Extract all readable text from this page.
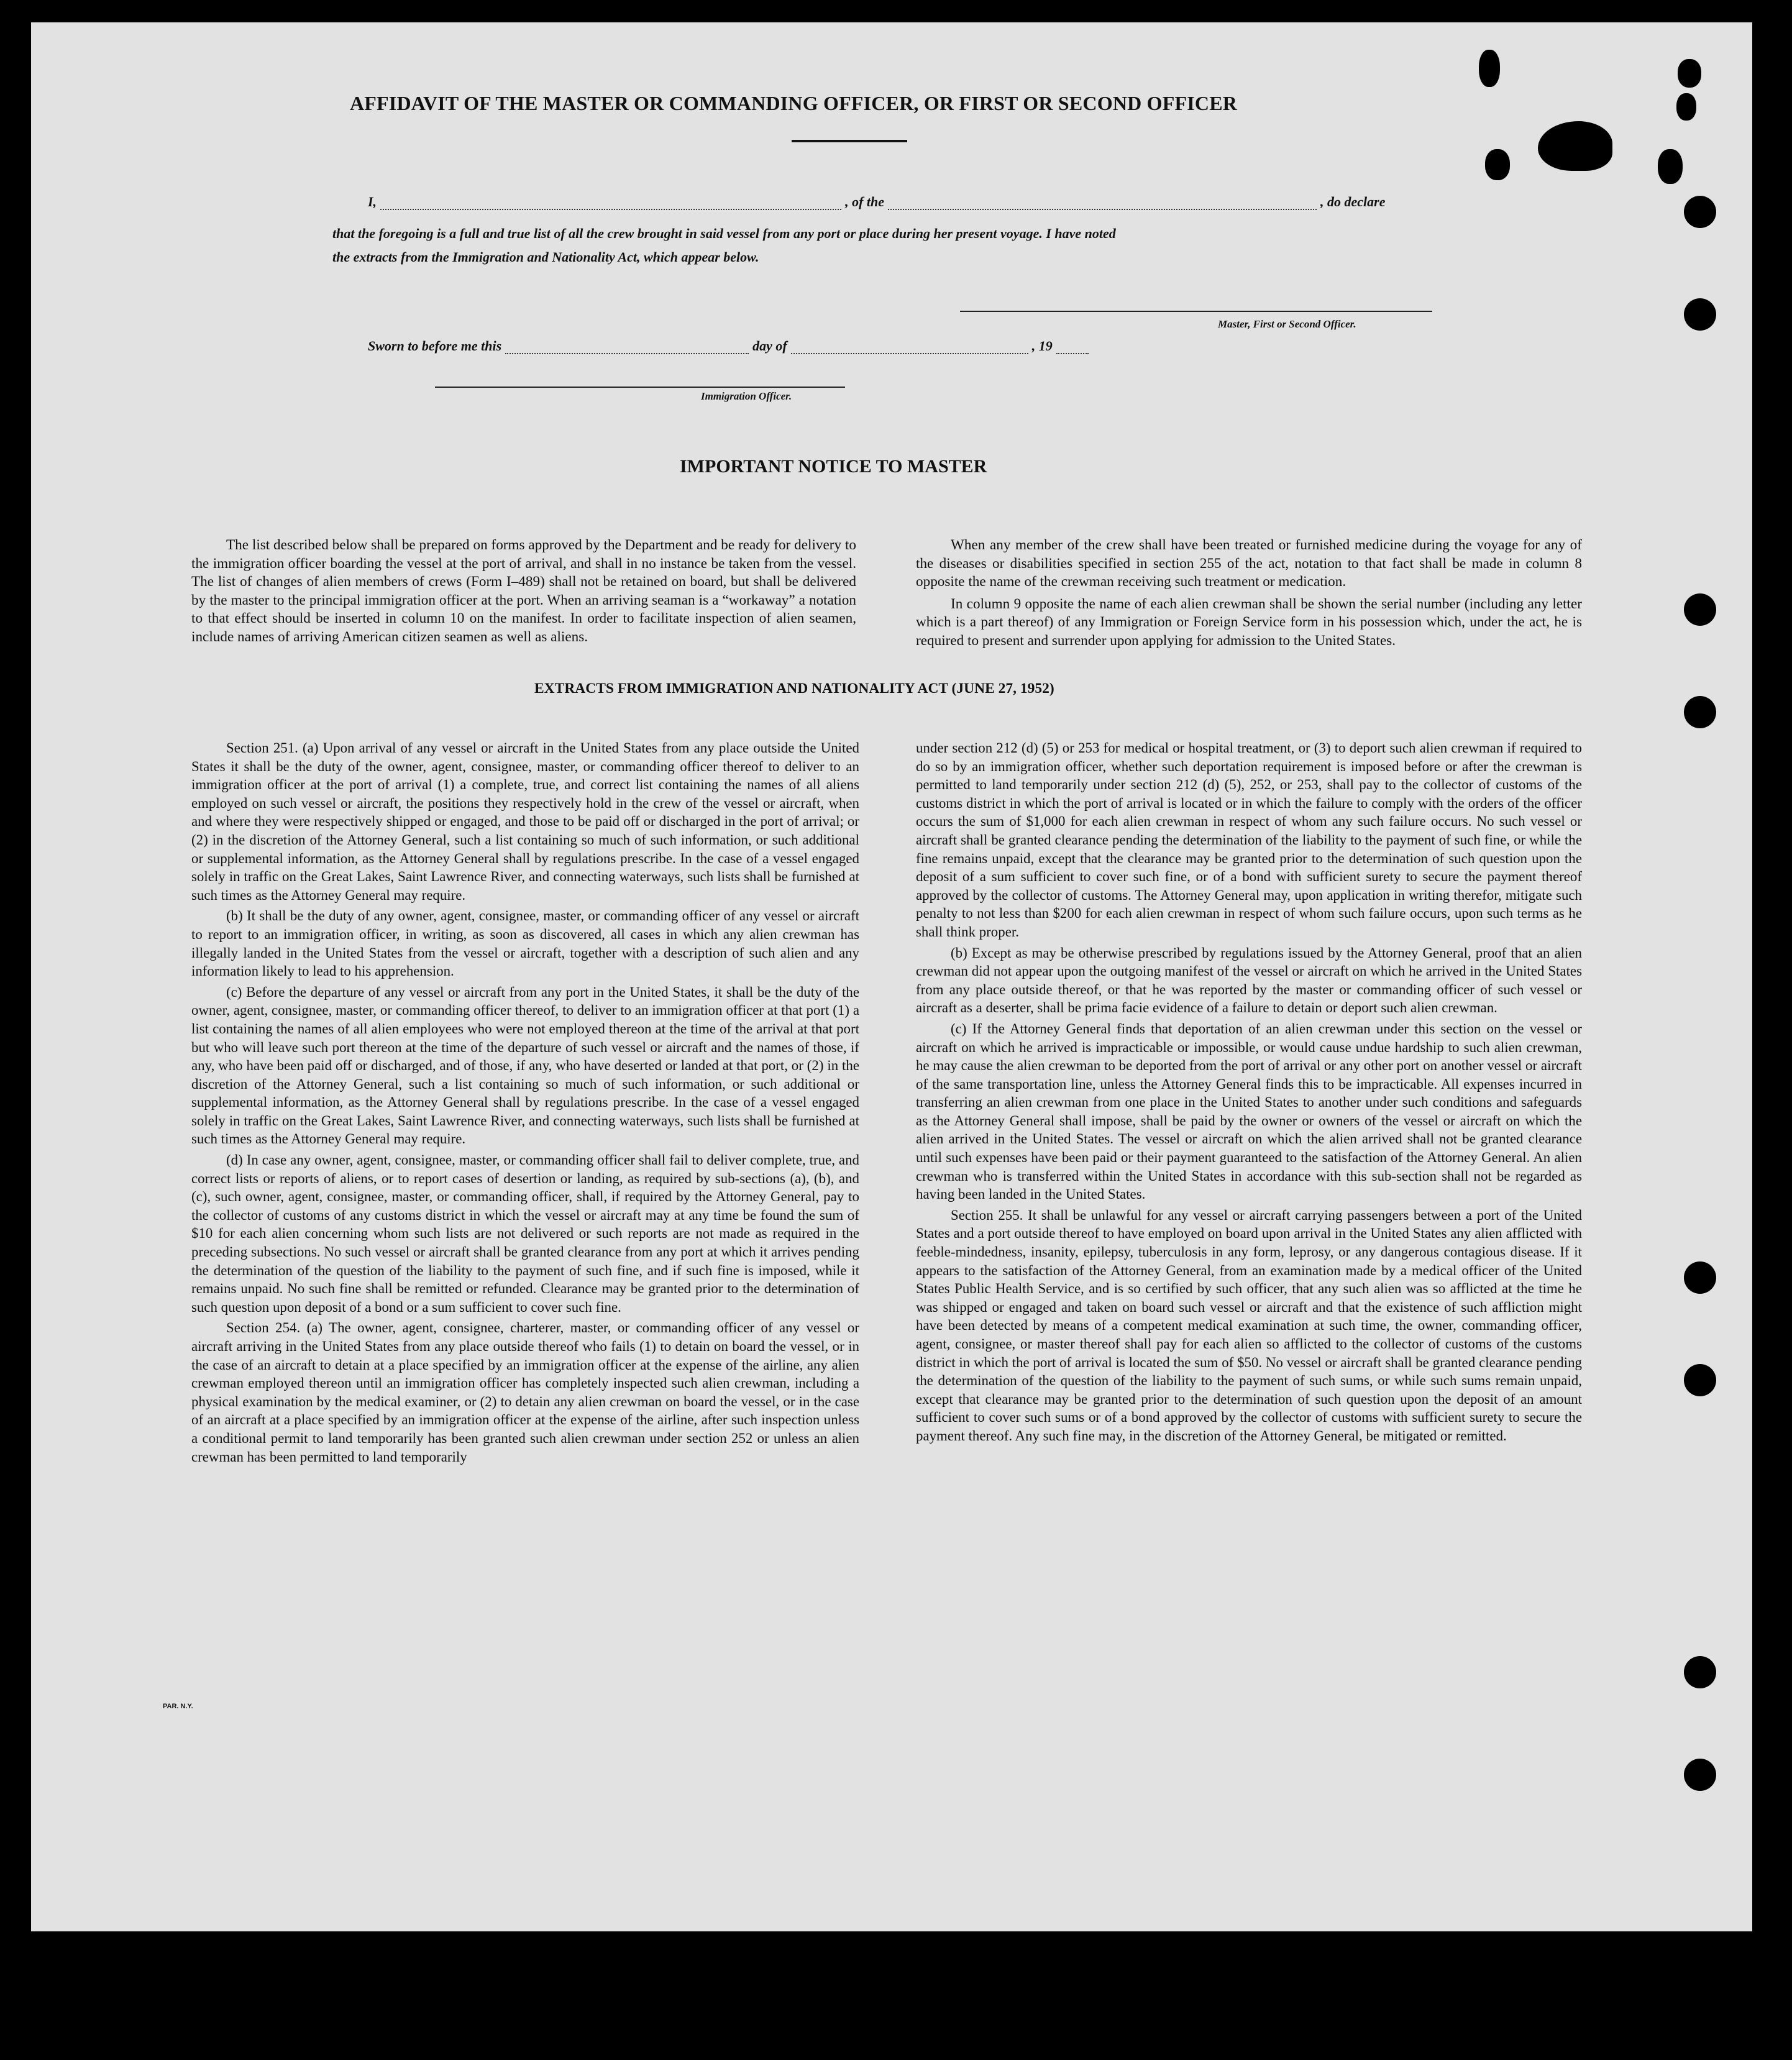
AFFIDAVIT OF THE MASTER OR COMMANDING OFFICER, OR FIRST OR SECOND OFFICER
I,	, of the	, do declare
that the foregoing is a full and true list of all the crew brought in said vessel from any port or place during her present voyage. I have noted
the extracts from the Immigration and Nationality Act, which appear below.
Master, First or Second Officer.
Sworn to before me this	day of	, 19
Immigration Officer.
IMPORTANT NOTICE TO MASTER

The list described below shall be prepared on forms approved by the Department and be ready for delivery to the immigration officer boarding the vessel at the port of arrival, and shall in no instance be taken from the vessel. The list of changes of alien members of crews (Form I–489) shall not be retained on board, but shall be delivered by the master to the principal immigration officer at the port. When an arriving seaman is a “workaway” a notation to that effect should be inserted in column 10 on the manifest. In order to facilitate inspection of alien seamen, include names of arriving American citizen seamen as well as aliens.

When any member of the crew shall have been treated or furnished medicine during the voyage for any of the diseases or disabilities specified in section 255 of the act, notation to that fact shall be made in column 8 opposite the name of the crewman receiving such treatment or medication.

In column 9 opposite the name of each alien crewman shall be shown the serial number (including any letter which is a part thereof) of any Immigration or Foreign Service form in his possession which, under the act, he is required to present and surrender upon applying for admission to the United States.

EXTRACTS FROM IMMIGRATION AND NATIONALITY ACT (JUNE 27, 1952)

Section 251. (a) Upon arrival of any vessel or aircraft in the United States from any place outside the United States it shall be the duty of the owner, agent, consignee, master, or commanding officer thereof to deliver to an immigration officer at the port of arrival (1) a complete, true, and correct list containing the names of all aliens employed on such vessel or aircraft, the positions they respectively hold in the crew of the vessel or aircraft, when and where they were respectively shipped or engaged, and those to be paid off or discharged in the port of arrival; or (2) in the discretion of the Attorney General, such a list containing so much of such information, or such additional or supplemental information, as the Attorney General shall by regulations prescribe. In the case of a vessel engaged solely in traffic on the Great Lakes, Saint Lawrence River, and connecting waterways, such lists shall be furnished at such times as the Attorney General may require.

(b) It shall be the duty of any owner, agent, consignee, master, or commanding officer of any vessel or aircraft to report to an immigration officer, in writing, as soon as discovered, all cases in which any alien crewman has illegally landed in the United States from the vessel or aircraft, together with a description of such alien and any information likely to lead to his apprehension.

(c) Before the departure of any vessel or aircraft from any port in the United States, it shall be the duty of the owner, agent, consignee, master, or commanding officer thereof, to deliver to an immigration officer at that port (1) a list containing the names of all alien employees who were not employed thereon at the time of the arrival at that port but who will leave such port thereon at the time of the departure of such vessel or aircraft and the names of those, if any, who have been paid off or discharged, and of those, if any, who have deserted or landed at that port, or (2) in the discretion of the Attorney General, such a list containing so much of such information, or such additional or supplemental information, as the Attorney General shall by regulations prescribe. In the case of a vessel engaged solely in traffic on the Great Lakes, Saint Lawrence River, and connecting waterways, such lists shall be furnished at such times as the Attorney General may require.

(d) In case any owner, agent, consignee, master, or commanding officer shall fail to deliver complete, true, and correct lists or reports of aliens, or to report cases of desertion or landing, as required by sub-sections (a), (b), and (c), such owner, agent, consignee, master, or commanding officer, shall, if required by the Attorney General, pay to the collector of customs of any customs district in which the vessel or aircraft may at any time be found the sum of $10 for each alien concerning whom such lists are not delivered or such reports are not made as required in the preceding subsections. No such vessel or aircraft shall be granted clearance from any port at which it arrives pending the determination of the question of the liability to the payment of such fine, and if such fine is imposed, while it remains unpaid. No such fine shall be remitted or refunded. Clearance may be granted prior to the determination of such question upon deposit of a bond or a sum sufficient to cover such fine.

Section 254. (a) The owner, agent, consignee, charterer, master, or commanding officer of any vessel or aircraft arriving in the United States from any place outside thereof who fails (1) to detain on board the vessel, or in the case of an aircraft to detain at a place specified by an immigration officer at the expense of the airline, any alien crewman employed thereon until an immigration officer has completely inspected such alien crewman, including a physical examination by the medical examiner, or (2) to detain any alien crewman on board the vessel, or in the case of an aircraft at a place specified by an immigration officer at the expense of the airline, after such inspection unless a conditional permit to land temporarily has been granted such alien crewman under section 252 or unless an alien crewman has been permitted to land temporarily

under section 212 (d) (5) or 253 for medical or hospital treatment, or (3) to deport such alien crewman if required to do so by an immigration officer, whether such deportation requirement is imposed before or after the crewman is permitted to land temporarily under section 212 (d) (5), 252, or 253, shall pay to the collector of customs of the customs district in which the port of arrival is located or in which the failure to comply with the orders of the officer occurs the sum of $1,000 for each alien crewman in respect of whom any such failure occurs. No such vessel or aircraft shall be granted clearance pending the determination of the liability to the payment of such fine, or while the fine remains unpaid, except that the clearance may be granted prior to the determination of such question upon the deposit of a sum sufficient to cover such fine, or of a bond with sufficient surety to secure the payment thereof approved by the collector of customs. The Attorney General may, upon application in writing therefor, mitigate such penalty to not less than $200 for each alien crewman in respect of whom such failure occurs, upon such terms as he shall think proper.

(b) Except as may be otherwise prescribed by regulations issued by the Attorney General, proof that an alien crewman did not appear upon the outgoing manifest of the vessel or aircraft on which he arrived in the United States from any place outside thereof, or that he was reported by the master or commanding officer of such vessel or aircraft as a deserter, shall be prima facie evidence of a failure to detain or deport such alien crewman.

(c) If the Attorney General finds that deportation of an alien crewman under this section on the vessel or aircraft on which he arrived is impracticable or impossible, or would cause undue hardship to such alien crewman, he may cause the alien crewman to be deported from the port of arrival or any other port on another vessel or aircraft of the same transportation line, unless the Attorney General finds this to be impracticable. All expenses incurred in transferring an alien crewman from one place in the United States to another under such conditions and safeguards as the Attorney General shall impose, shall be paid by the owner or owners of the vessel or aircraft on which the alien arrived in the United States. The vessel or aircraft on which the alien arrived shall not be granted clearance until such expenses have been paid or their payment guaranteed to the satisfaction of the Attorney General. An alien crewman who is transferred within the United States in accordance with this sub-section shall not be regarded as having been landed in the United States.

Section 255. It shall be unlawful for any vessel or aircraft carrying passengers between a port of the United States and a port outside thereof to have employed on board upon arrival in the United States any alien afflicted with feeble-mindedness, insanity, epilepsy, tuberculosis in any form, leprosy, or any dangerous contagious disease. If it appears to the satisfaction of the Attorney General, from an examination made by a medical officer of the United States Public Health Service, and is so certified by such officer, that any such alien was so afflicted at the time he was shipped or engaged and taken on board such vessel or aircraft and that the existence of such affliction might have been detected by means of a competent medical examination at such time, the owner, commanding officer, agent, consignee, or master thereof shall pay for each alien so afflicted to the collector of customs of the customs district in which the port of arrival is located the sum of $50. No vessel or aircraft shall be granted clearance pending the determination of the question of the liability to the payment of such sums, or while such sums remain unpaid, except that clearance may be granted prior to the determination of such question upon the deposit of an amount sufficient to cover such sums or of a bond approved by the collector of customs with sufficient surety to secure the payment thereof. Any such fine may, in the discretion of the Attorney General, be mitigated or remitted.

PAR. N.Y.
